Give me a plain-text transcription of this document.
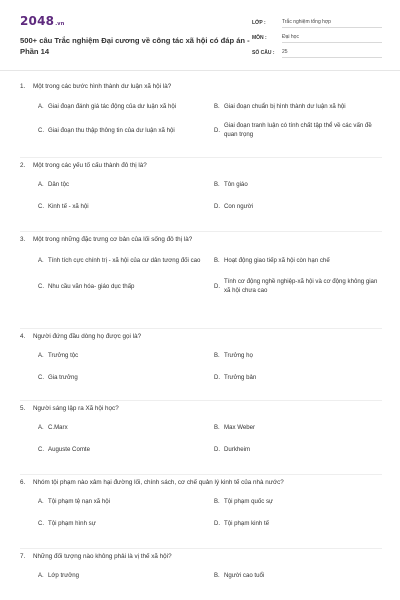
2048.vn
500+ câu Trắc nghiệm Đại cương về công tác xã hội có đáp án - Phần 14
LỚP :	Trắc nghiệm tổng hợp
MÔN :	Đại học
SỐ CÂU :	25
1.	Một trong các bước hình thành dư luận xã hội là?
A. Giai đoạn đánh giá tác động của dư luận xã hội	B. Giai đoạn chuẩn bị hình thành dư luận xã hội
C. Giai đoạn thu thập thông tin của dư luận xã hội	D.
Giai đoạn tranh luận có tính chất tập thể về các vấn đề quan trọng
2.	Một trong các yếu tố cấu thành đô thị là?
A. Dân tộc	B. Tôn giáo
C. Kinh tế - xã hội	D. Con người
3.	Một trong những đặc trưng cơ bản của lối sống đô thị là?
A. Tính tích cực chính trị - xã hội của cư dân tương đối cao B. Hoạt động giao tiếp xã hội còn hạn chế
C. Nhu cầu văn hóa- giáo dục thấp	D.
Tính cơ động nghề nghiệp-xã hội và cơ động không gian xã hội chưa cao
4.	Người đứng đầu dòng họ được gọi là?
A. Trưởng tộc	B. Trưởng họ
C. Gia trưởng	D. Trưởng bản
5.	Người sáng lập ra Xã hội học?
A. C.Marx	B. Max Weber
C. Auguste Comte	D. Durkheim
6.	Nhóm tội phạm nào xâm hại đường lối, chính sách, cơ chế quản lý kinh tế của nhà nước?
A. Tội phạm tệ nạn xã hội	B. Tội phạm quốc sự
C. Tội phạm hình sự	D. Tội phạm kinh tế
7.	Những đối tượng nào không phải là vị thế xã hội?
A. Lớp trưởng	B. Người cao tuổi
